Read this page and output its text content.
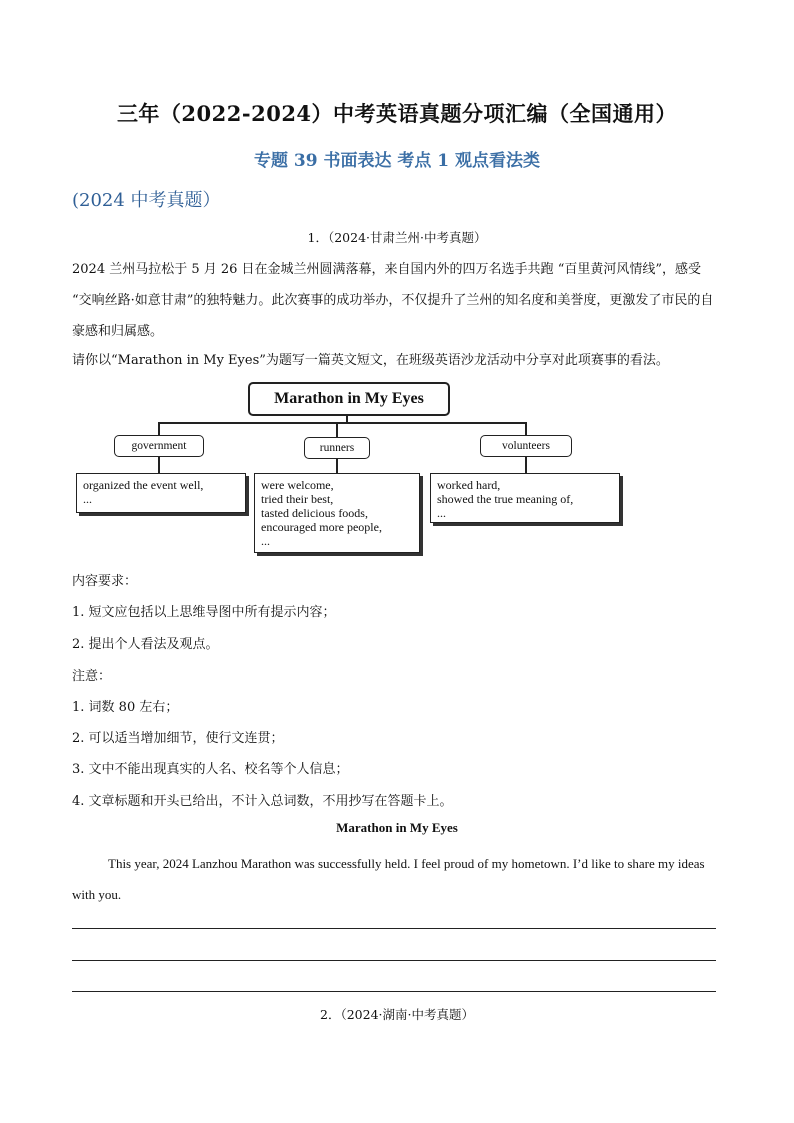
三年（2022-2024）中考英语真题分项汇编（全国通用）
专题 39 书面表达 考点 1 观点看法类
(2024 中考真题）
1．（2024·甘肃兰州·中考真题）
2024 兰州马拉松于 5 月 26 日在金城兰州圆满落幕，来自国内外的四万名选手共跑 “百里黄河风情线”，感受 “交响丝路·如意甘肃”的独特魅力。此次赛事的成功举办，不仅提升了兰州的知名度和美誉度，更激发了市民的自豪感和归属感。
请你以“Marathon in My Eyes”为题写一篇英文短文，在班级英语沙龙活动中分享对此项赛事的看法。
Marathon in My Eyes
government	runners	volunteers
organized the event well,
...
were welcome,
tried their best,
tasted delicious foods,
encouraged more people,
...
worked hard,
showed the true meaning of,
...
内容要求：
1. 短文应包括以上思维导图中所有提示内容；
2. 提出个人看法及观点。
注意：
1. 词数 80 左右；
2. 可以适当增加细节，使行文连贯；
3. 文中不能出现真实的人名、校名等个人信息；
4. 文章标题和开头已给出，不计入总词数，不用抄写在答题卡上。
Marathon in My Eyes
This year, 2024 Lanzhou Marathon was successfully held. I feel proud of my hometown. I’d like to share my ideas with you.
2．（2024·湖南·中考真题）
